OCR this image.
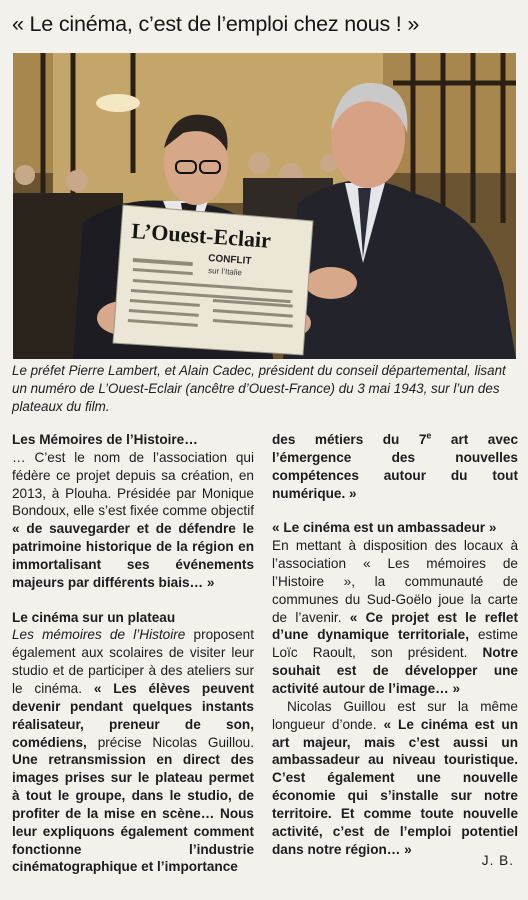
« Le cinéma, c’est de l’emploi chez nous ! »
L’Ouest-Eclair
CONFLIT
sur l’Italie
Le préfet Pierre Lambert, et Alain Cadec, président du conseil départemental, lisant un numéro de L’Ouest-Eclair (ancêtre d’Ouest-France) du 3 mai 1943, sur l’un des plateaux du film.

Les Mémoires de l’Histoire…

… C’est le nom de l’association qui fédère ce projet depuis sa création, en 2013, à Plouha. Présidée par Monique Bondoux, elle s’est fixée comme objectif « de sauvegarder et de défendre le patrimoine historique de la région en immortalisant ses événements majeurs par différents biais… »

Le cinéma sur un plateau

Les mémoires de l’Histoire proposent également aux scolaires de visiter leur studio et de participer à des ateliers sur le cinéma. « Les élèves peuvent devenir pendant quelques instants réalisateur, preneur de son, comédiens, précise Nicolas Guillou. Une retransmission en direct des images prises sur le plateau permet à tout le groupe, dans le studio, de profiter de la mise en scène… Nous leur expliquons également comment fonctionne l’industrie cinématographique et l’importance

des métiers du 7e art avec l’émergence des nouvelles compétences autour du tout numérique. »

« Le cinéma est un ambassadeur »

En mettant à disposition des locaux à l’association « Les mémoires de l’Histoire », la communauté de communes du Sud-Goëlo joue la carte de l’avenir. « Ce projet est le reflet d’une dynamique territoriale, estime Loïc Raoult, son président. Notre souhait est de développer une activité autour de l’image… »

Nicolas Guillou est sur la même longueur d’onde. « Le cinéma est un art majeur, mais c’est aussi un ambassadeur au niveau touristique. C’est également une nouvelle économie qui s’installe sur notre territoire. Et comme toute nouvelle activité, c’est de l’emploi potentiel dans notre région… »

J. B.
